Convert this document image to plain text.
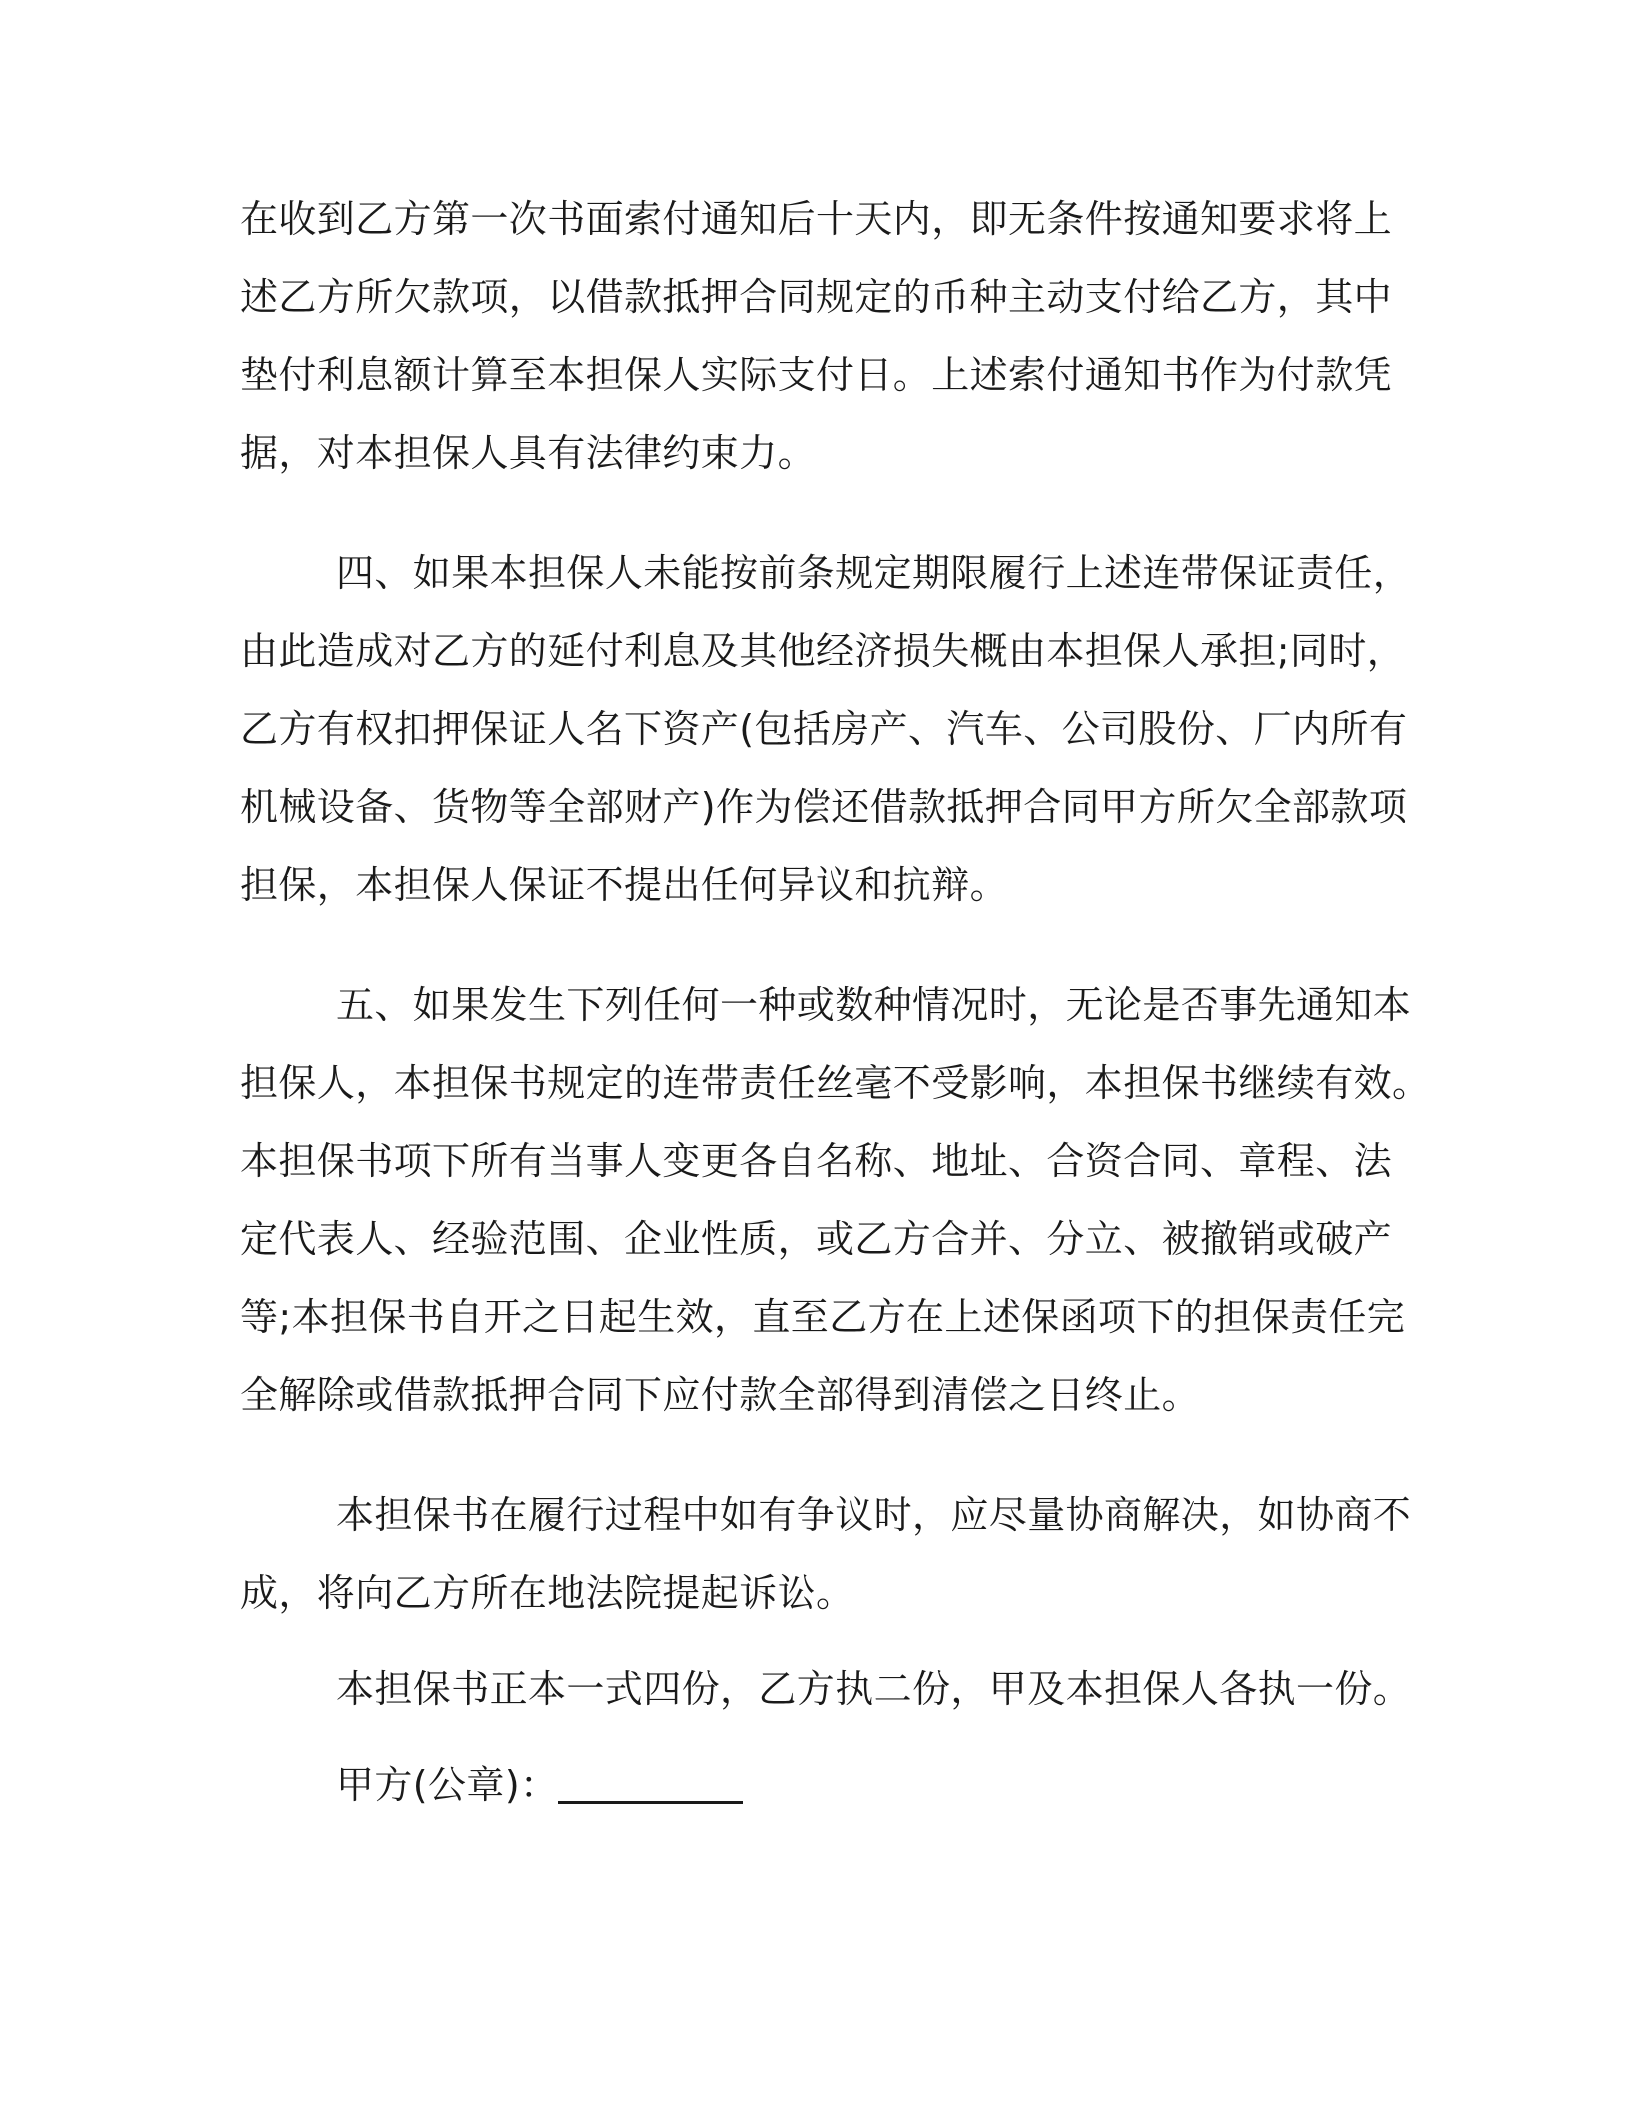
在收到乙方第一次书面索付通知后十天内，即无条件按通知要求将上
述乙方所欠款项，以借款抵押合同规定的币种主动支付给乙方，其中
垫付利息额计算至本担保人实际支付日。上述索付通知书作为付款凭
据，对本担保人具有法律约束力。

四、如果本担保人未能按前条规定期限履行上述连带保证责任，
由此造成对乙方的延付利息及其他经济损失概由本担保人承担;同时，
乙方有权扣押保证人名下资产(包括房产、汽车、公司股份、厂内所有
机械设备、货物等全部财产)作为偿还借款抵押合同甲方所欠全部款项
担保，本担保人保证不提出任何异议和抗辩。

五、如果发生下列任何一种或数种情况时，无论是否事先通知本
担保人，本担保书规定的连带责任丝毫不受影响，本担保书继续有效。
本担保书项下所有当事人变更各自名称、地址、合资合同、章程、法
定代表人、经验范围、企业性质，或乙方合并、分立、被撤销或破产
等;本担保书自开之日起生效，直至乙方在上述保函项下的担保责任完
全解除或借款抵押合同下应付款全部得到清偿之日终止。

本担保书在履行过程中如有争议时，应尽量协商解决，如协商不
成，将向乙方所在地法院提起诉讼。

本担保书正本一式四份，乙方执二份，甲及本担保人各执一份。

甲方(公章)：
